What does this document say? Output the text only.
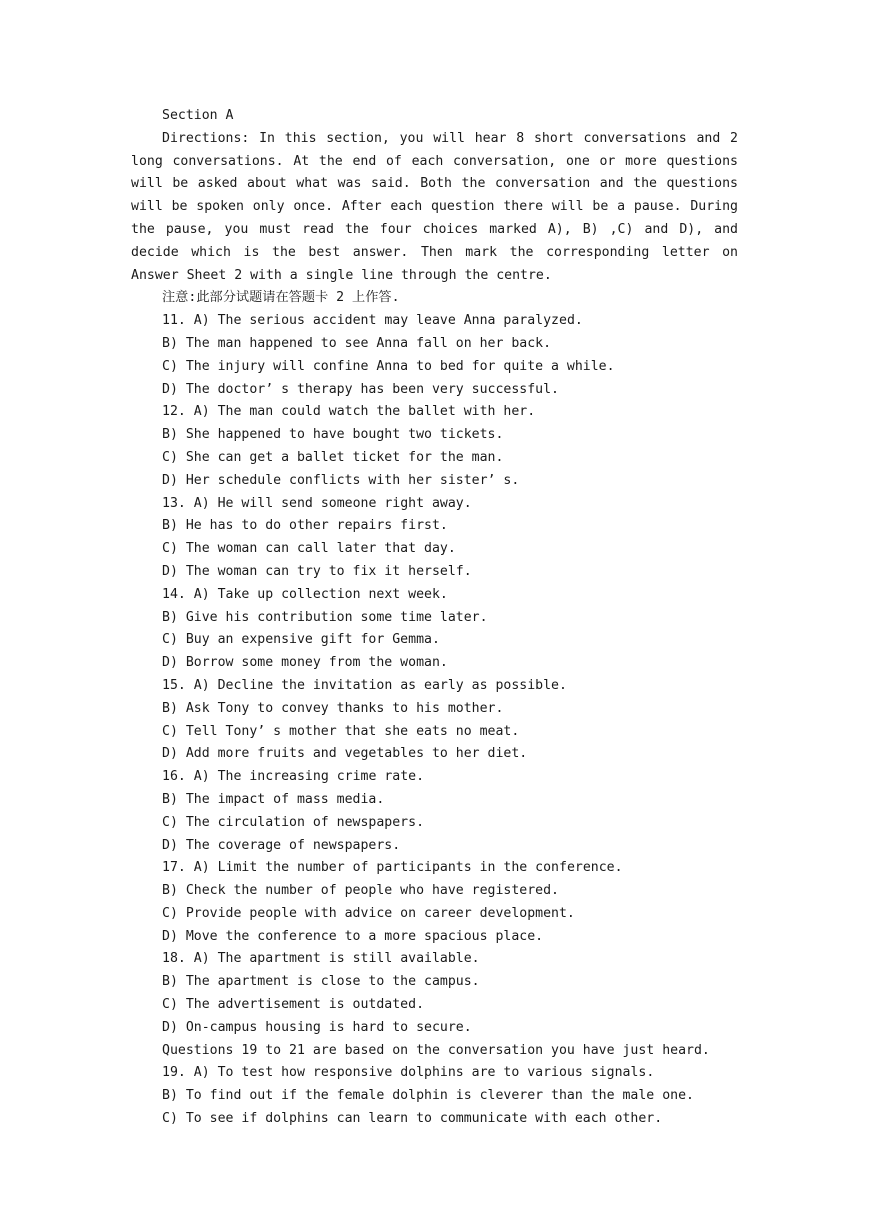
Section A
Directions: In this section, you will hear 8 short conversations and 2 long conversations. At the end of each conversation, one or more questions will be asked about what was said. Both the conversation and the questions will be spoken only once. After each question there will be a pause. During the pause, you must read the four choices marked A), B) ,C) and D), and decide which is the best answer. Then mark the corresponding letter on Answer Sheet 2 with a single line through the centre.
注意:此部分试题请在答题卡 2 上作答.
11. A) The serious accident may leave Anna paralyzed.
B) The man happened to see Anna fall on her back.
C) The injury will confine Anna to bed for quite a while.
D) The doctor’ s therapy has been very successful.
12. A) The man could watch the ballet with her.
B) She happened to have bought two tickets.
C) She can get a ballet ticket for the man.
D) Her schedule conflicts with her sister’ s.
13. A) He will send someone right away.
B) He has to do other repairs first.
C) The woman can call later that day.
D) The woman can try to fix it herself.
14. A) Take up collection next week.
B) Give his contribution some time later.
C) Buy an expensive gift for Gemma.
D) Borrow some money from the woman.
15. A) Decline the invitation as early as possible.
B) Ask Tony to convey thanks to his mother.
C) Tell Tony’ s mother that she eats no meat.
D) Add more fruits and vegetables to her diet.
16. A) The increasing crime rate.
B) The impact of mass media.
C) The circulation of newspapers.
D) The coverage of newspapers.
17. A) Limit the number of participants in the conference.
B) Check the number of people who have registered.
C) Provide people with advice on career development.
D) Move the conference to a more spacious place.
18. A) The apartment is still available.
B) The apartment is close to the campus.
C) The advertisement is outdated.
D) On-campus housing is hard to secure.
Questions 19 to 21 are based on the conversation you have just heard.
19. A) To test how responsive dolphins are to various signals.
B) To find out if the female dolphin is cleverer than the male one.
C) To see if dolphins can learn to communicate with each other.
